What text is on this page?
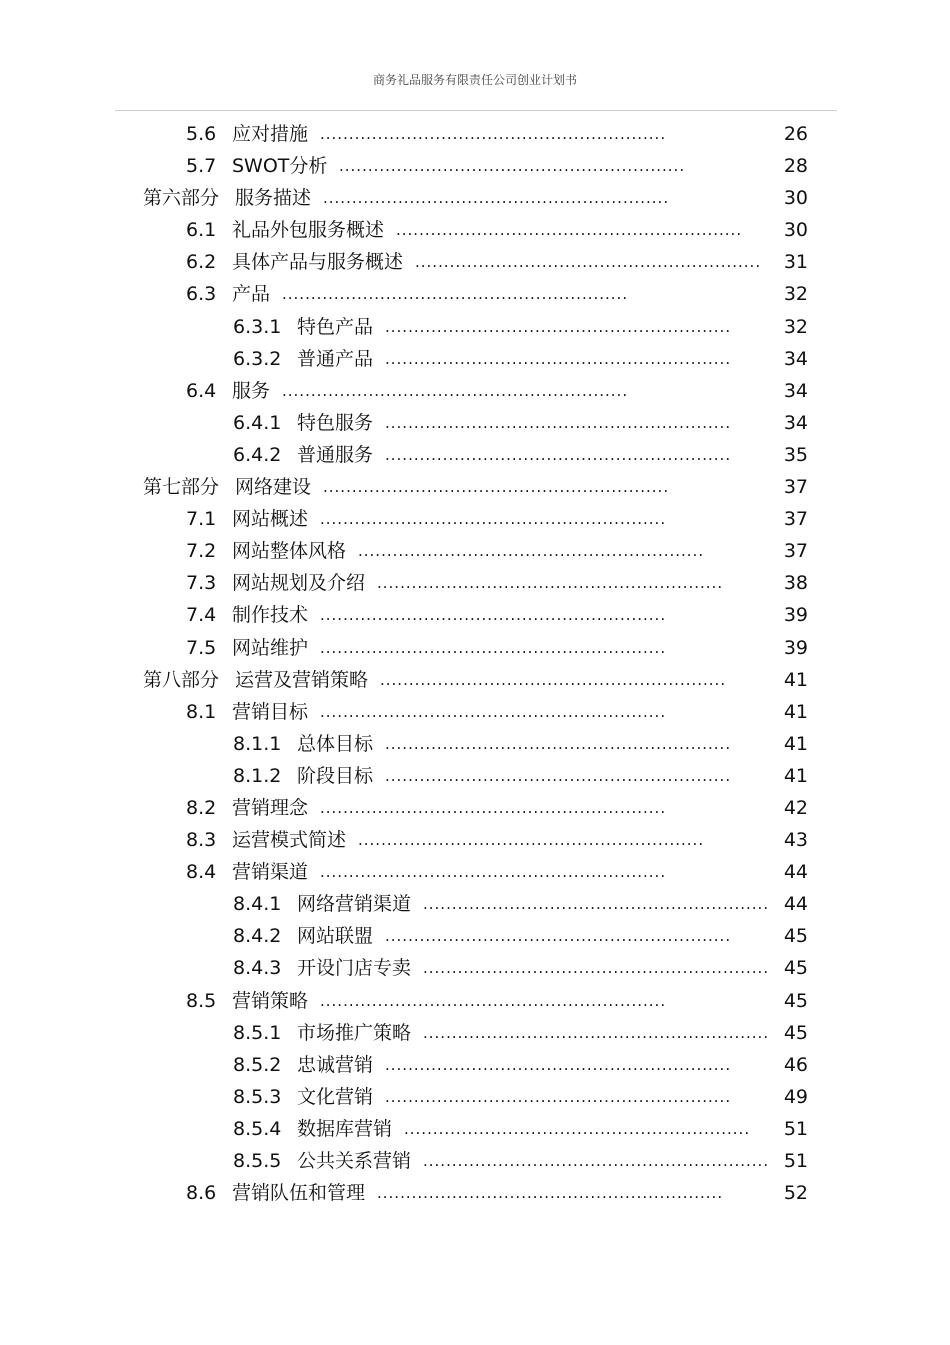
商务礼品服务有限责任公司创业计划书
5.6 应对措施 ............................................................	26
5.7 SWOT分析 ............................................................	28
第六部分 服务描述 ............................................................	30
6.1 礼品外包服务概述 ............................................................ 30
6.2 具体产品与服务概述 ............................................................ 31
6.3 产品 ............................................................	32
6.3.1 特色产品 ............................................................	32
6.3.2 普通产品 ............................................................	34
6.4 服务 ............................................................	34
6.4.1 特色服务 ............................................................	34
6.4.2 普通服务 ............................................................	35
第七部分 网络建设 ............................................................	37
7.1 网站概述 ............................................................	37
7.2 网站整体风格 ............................................................	37
7.3 网站规划及介绍 ............................................................	38
7.4 制作技术 ............................................................	39
7.5 网站维护 ............................................................	39
第八部分 运营及营销策略 ............................................................	41
8.1 营销目标 ............................................................	41
8.1.1 总体目标 ............................................................	41
8.1.2 阶段目标 ............................................................	41
8.2 营销理念 ............................................................	42
8.3 运营模式简述 ............................................................	43
8.4 营销渠道 ............................................................	44
8.4.1 网络营销渠道 ............................................................ 44
8.4.2 网站联盟 ............................................................	45
8.4.3 开设门店专卖 ............................................................ 45
8.5 营销策略 ............................................................	45
8.5.1 市场推广策略 ............................................................ 45
8.5.2 忠诚营销 ............................................................	46
8.5.3 文化营销 ............................................................	49
8.5.4 数据库营销 ............................................................ 51
8.5.5 公共关系营销 ............................................................ 51
8.6 营销队伍和管理 ............................................................	52
